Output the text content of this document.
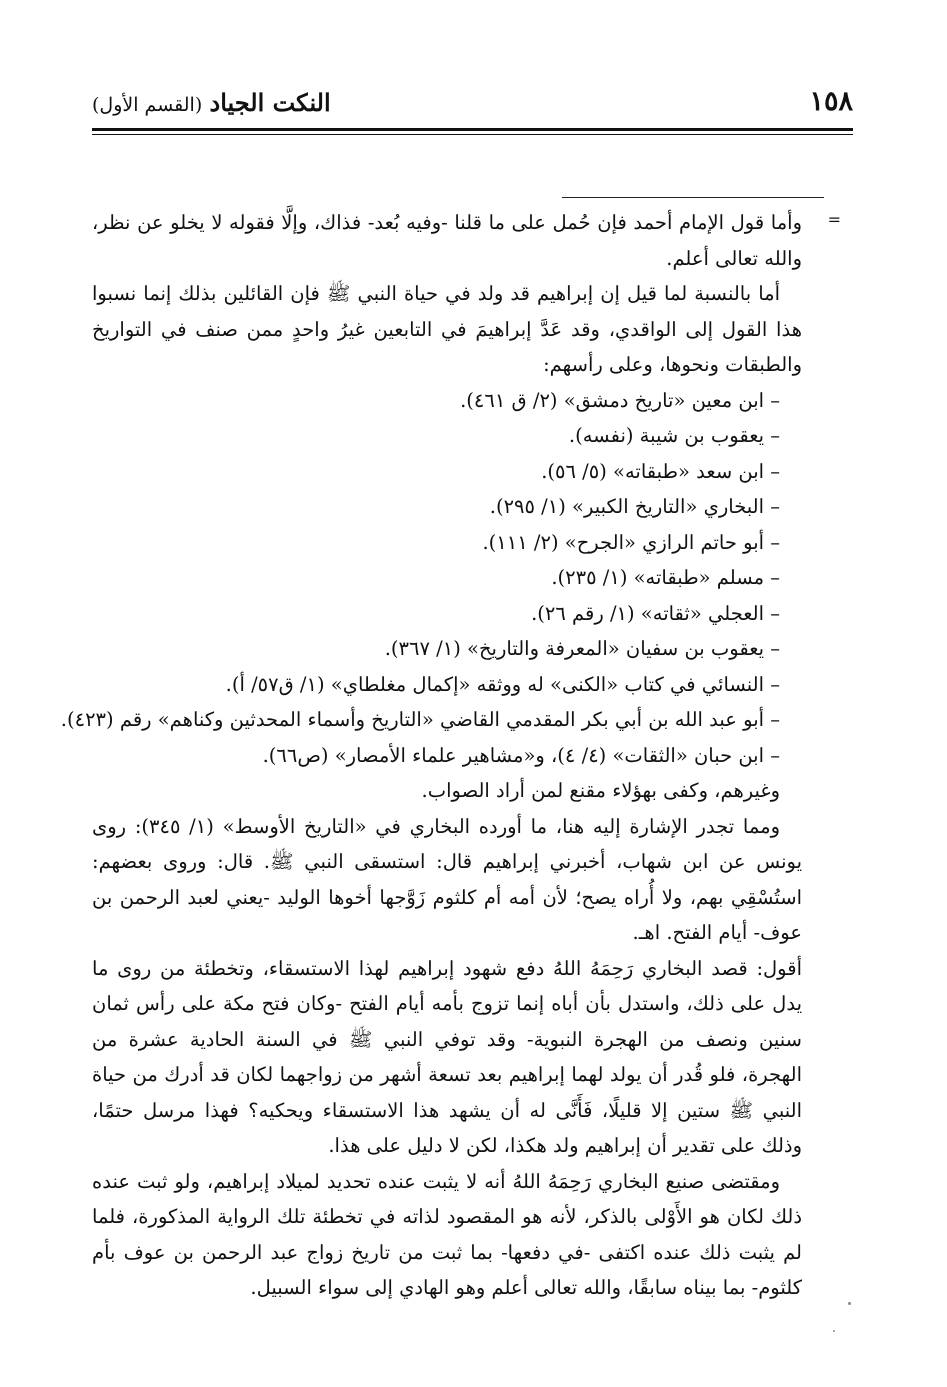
١٥٨
النكت الجياد (القسم الأول)
=

وأما قول الإمام أحمد فإن حُمل على ما قلنا -وفيه بُعد- فذاك، وإلَّا فقوله لا يخلو عن نظر، والله تعالى أعلم.

أما بالنسبة لما قيل إن إبراهيم قد ولد في حياة النبي ﷺ فإن القائلين بذلك إنما نسبوا هذا القول إلى الواقدي، وقد عَدَّ إبراهيمَ في التابعين غيرُ واحدٍ ممن صنف في التواريخ والطبقات ونحوها، وعلى رأسهم:

– ابن معين «تاريخ دمشق» (٢/ ق ٤٦١).
– يعقوب بن شيبة (نفسه).
– ابن سعد «طبقاته» (٥/ ٥٦).
– البخاري «التاريخ الكبير» (١/ ٢٩٥).
– أبو حاتم الرازي «الجرح» (٢/ ١١١).
– مسلم «طبقاته» (١/ ٢٣٥).
– العجلي «ثقاته» (١/ رقم ٢٦).
– يعقوب بن سفيان «المعرفة والتاريخ» (١/ ٣٦٧).
– النسائي في كتاب «الكنى» له ووثقه «إكمال مغلطاي» (١/ ق٥٧/ أ).
– أبو عبد الله بن أبي بكر المقدمي القاضي «التاريخ وأسماء المحدثين وكناهم» رقم (٤٢٣).
– ابن حبان «الثقات» (٤/ ٤)، و«مشاهير علماء الأمصار» (ص٦٦).

وغيرهم، وكفى بهؤلاء مقنع لمن أراد الصواب.

ومما تجدر الإشارة إليه هنا، ما أورده البخاري في «التاريخ الأوسط» (١/ ٣٤٥): روى يونس عن ابن شهاب، أخبرني إبراهيم قال: استسقى النبي ﷺ. قال: وروى بعضهم: استُسْقِي بهم، ولا أُراه يصح؛ لأن أمه أم كلثوم زَوَّجها أخوها الوليد -يعني لعبد الرحمن بن عوف- أيام الفتح. اهـ.

أقول: قصد البخاري رَحِمَهُ اللهُ دفع شهود إبراهيم لهذا الاستسقاء، وتخطئة من روى ما يدل على ذلك، واستدل بأن أباه إنما تزوج بأمه أيام الفتح -وكان فتح مكة على رأس ثمان سنين ونصف من الهجرة النبوية- وقد توفي النبي ﷺ في السنة الحادية عشرة من الهجرة، فلو قُدر أن يولد لهما إبراهيم بعد تسعة أشهر من زواجهما لكان قد أدرك من حياة النبي ﷺ ستين إلا قليلًا، فَأَنَّى له أن يشهد هذا الاستسقاء ويحكيه؟ فهذا مرسل حتمًا، وذلك على تقدير أن إبراهيم ولد هكذا، لكن لا دليل على هذا.

ومقتضى صنيع البخاري رَحِمَهُ اللهُ أنه لا يثبت عنده تحديد لميلاد إبراهيم، ولو ثبت عنده ذلك لكان هو الأَوْلى بالذكر، لأنه هو المقصود لذاته في تخطئة تلك الرواية المذكورة، فلما لم يثبت ذلك عنده اكتفى -في دفعها- بما ثبت من تاريخ زواج عبد الرحمن بن عوف بأم كلثوم- بما بيناه سابقًا، والله تعالى أعلم وهو الهادي إلى سواء السبيل.
